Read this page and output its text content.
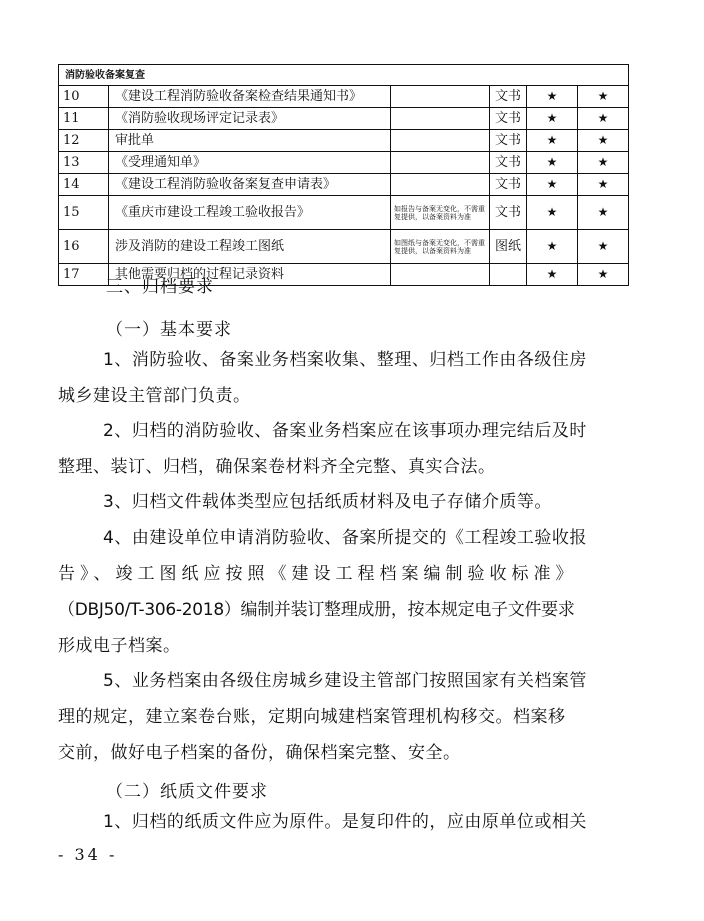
消防验收备案复查					
10	《建设工程消防验收备案检查结果通知书》		文书	★	★
11	《消防验收现场评定记录表》		文书	★	★
12	审批单		文书	★	★
13	《受理通知单》		文书	★	★
14	《建设工程消防验收备案复查申请表》		文书	★	★
15	《重庆市建设工程竣工验收报告》	如报告与备案无变化，不需重复提供，以备案资料为准	文书	★	★
16	涉及消防的建设工程竣工图纸	如图纸与备案无变化，不需重复提供，以备案资料为准	图纸	★	★
17	其他需要归档的过程记录资料			★	★
三、归档要求
（一）基本要求
1、消防验收、备案业务档案收集、整理、归档工作由各级住房
城乡建设主管部门负责。
2、归档的消防验收、备案业务档案应在该事项办理完结后及时
整理、装订、归档，确保案卷材料齐全完整、真实合法。
3、归档文件载体类型应包括纸质材料及电子存储介质等。
4、由建设单位申请消防验收、备案所提交的《工程竣工验收报
告》、竣工图纸应按照《建设工程档案编制验收标准》
（DBJ50/T-306-2018）编制并装订整理成册，按本规定电子文件要求
形成电子档案。
5、业务档案由各级住房城乡建设主管部门按照国家有关档案管
理的规定，建立案卷台账，定期向城建档案管理机构移交。档案移
交前，做好电子档案的备份，确保档案完整、安全。
（二）纸质文件要求
1、归档的纸质文件应为原件。是复印件的，应由原单位或相关
- 34 -
